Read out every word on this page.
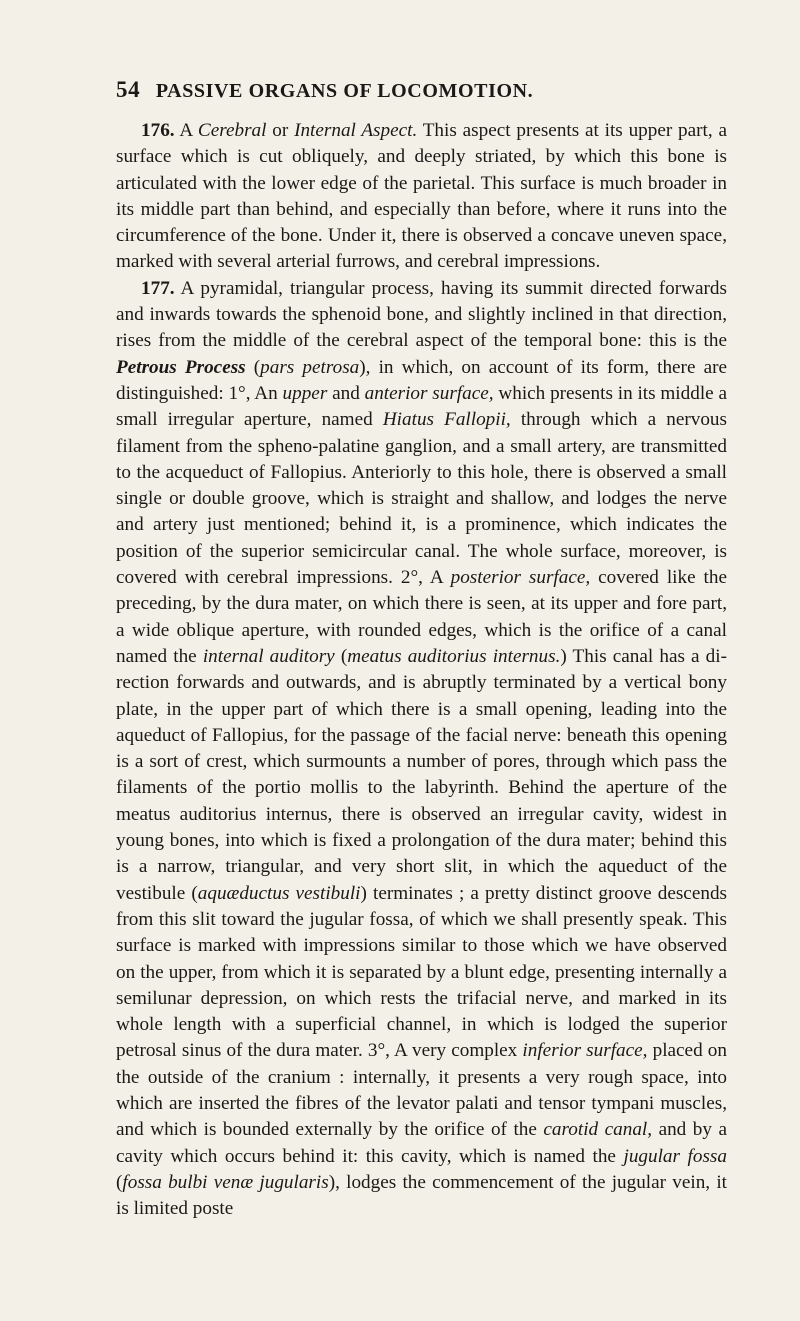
54 PASSIVE ORGANS OF LOCOMOTION.

176. A Cerebral or Internal Aspect. This aspect presents at its upper part, a surface which is cut obliquely, and deeply striated, by which this bone is articulated with the lower edge of the parietal. This surface is much broader in its middle part than behind, and especially than before, where it runs into the circumference of the bone. Under it, there is observed a concave uneven space, marked with several arterial furrows, and cerebral impressions.

177. A pyramidal, triangular process, having its summit directed forwards and inwards towards the sphenoid bone, and slightly inclined in that direction, rises from the middle of the cerebral aspect of the temporal bone: this is the Petrous Process (pars petrosa), in which, on account of its form, there are distinguished: 1°, An upper and anterior surface, which presents in its middle a small irregular aperture, named Hiatus Fallopii, through which a nervous filament from the spheno-palatine ganglion, and a small artery, are transmitted to the acqueduct of Fallopius. Anteriorly to this hole, there is observed a small single or double groove, which is straight and shallow, and lodges the nerve and artery just mentioned; behind it, is a prominence, which indicates the position of the superior semicircular canal. The whole surface, moreover, is covered with cerebral impressions. 2°, A posterior surface, covered like the preceding, by the dura mater, on which there is seen, at its upper and fore part, a wide oblique aperture, with rounded edges, which is the orifice of a canal named the internal auditory (meatus auditorius internus.) This canal has a direction forwards and outwards, and is abruptly terminated by a vertical bony plate, in the upper part of which there is a small opening, leading into the aqueduct of Fallopius, for the passage of the facial nerve: beneath this opening is a sort of crest, which surmounts a number of pores, through which pass the filaments of the portio mollis to the labyrinth. Behind the aperture of the meatus auditorius internus, there is observed an irregular cavity, widest in young bones, into which is fixed a prolongation of the dura mater; behind this is a narrow, triangular, and very short slit, in which the aqueduct of the vestibule (aquæductus vestibuli) terminates ; a pretty distinct groove descends from this slit toward the jugular fossa, of which we shall presently speak. This surface is marked with impressions similar to those which we have observed on the upper, from which it is separated by a blunt edge, presenting internally a semilunar depression, on which rests the trifacial nerve, and marked in its whole length with a superficial channel, in which is lodged the superior petrosal sinus of the dura mater. 3°, A very complex inferior surface, placed on the outside of the cranium : internally, it presents a very rough space, into which are inserted the fibres of the levator palati and tensor tympani muscles, and which is bounded externally by the orifice of the carotid canal, and by a cavity which occurs behind it: this cavity, which is named the jugular fossa (fossa bulbi venæ jugularis), lodges the commencement of the jugular vein, it is limited poste
